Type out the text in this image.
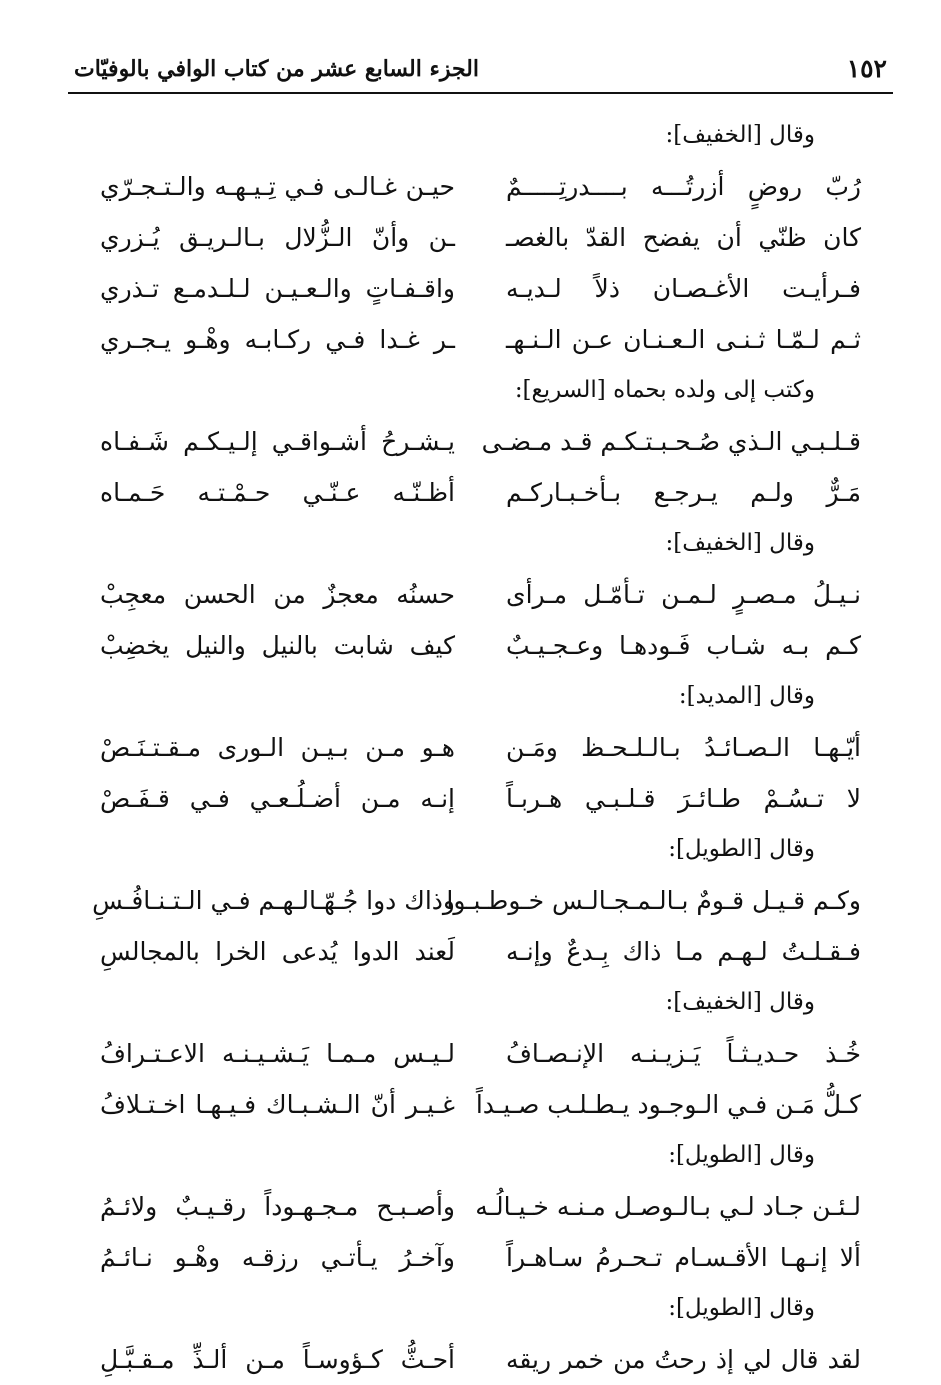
١٥٢
الجزء السابع عشر من كتاب الوافي بالوفيّات
وقال [الخفيف]:
رُبّ روضٍ أزرتُـــه بــــدرتِـــــمٌ
حيـن غـالـى فـي تِـيـهـه والـتـجـرّي
كان ظنّي أن يفضح القدّ بالغصـ
ـن وأنّ الـزُّلال بـالـريـق يُـزري
فـرأيـت الأغـصـان ذلاً لـديـه
واقـفـاتٍ والـعـيـن لـلـدمـع تـذري
ثـم لـمّـا ثـنـى الـعـنـان عـن الـنـهـ
ـر غـدا فـي ركـابـه وهْـو يـجـري
وكتب إلى ولده بحماه [السريع]:
قـلـبـي الـذي صُـحـبـتـكـم قـد مـضـى
يـشـرحُ أشـواقـي إلـيـكـم شَـفـاه
مَـرٌّ ولـم يـرجـع بـأخـبـاركـم
أظـنّـه عـنّـي حـمْـتـه حَـمـاه
وقال [الخفيف]:
نـيـلُ مـصـرٍ لـمـن تـأمّـل مـرأى
حسنُه معجزٌ من الحسن معجِبْ
كـم بـه شـاب فَـودهـا وعـجـيـبٌ
كيف شابت بالنيل والنيل يخضِبْ
وقال [المديد]:
أيّـهـا الـصـائـدُ بـالـلـحـظ ومَـن
هـو مـن بـيـن الـورى مـقـتـنَـصْ
لا تـسُـمْ طـائـرَ قـلـبـي هـربـاً
إنـه مـن أضـلُـعـي فـي قـفَـصْ
وقال [الطويل]:
وكـم قـيـل قـومٌ بـالـمـجـالـس خـوطـبـوا
وذاك دوا جُـهّـالـهـم فـي الـتـنـافُـسِ
فـقـلـتُ لـهـم مـا ذاك بِـدعٌ وإنـه
لَعند الدوا يُدعى الخرا بالمجالسِ
وقال [الخفيف]:
خُـذ حـديـثـاً يَـزيـنـه الإنـصـافُ
لـيـس مـمـا يَـشـيـنـه الاعـتـرافُ
كـلُّ مَـن فـي الـوجـود يـطـلـب صـيـداً
غـيـر أنّ الـشـبـاك فـيـهـا اخـتـلافُ
وقال [الطويل]:
لـئـن جـاد لـي بـالـوصـل مـنـه خـيـالُـه
وأصـبـح مـجـهـوداً رقـيـبٌ ولائـمُ
ألا إنـهـا الأقـسـام تـحـرمُ سـاهـراً
وآخـرُ يـأتـي رزقـه وهْـو نـائـمُ
وقال [الطويل]:
لقد قال لي إذ رحتُ من خمر ريقه
أحـثُّ كـؤوسـاً مـن ألـذِّ مـقـبَّـلِ
